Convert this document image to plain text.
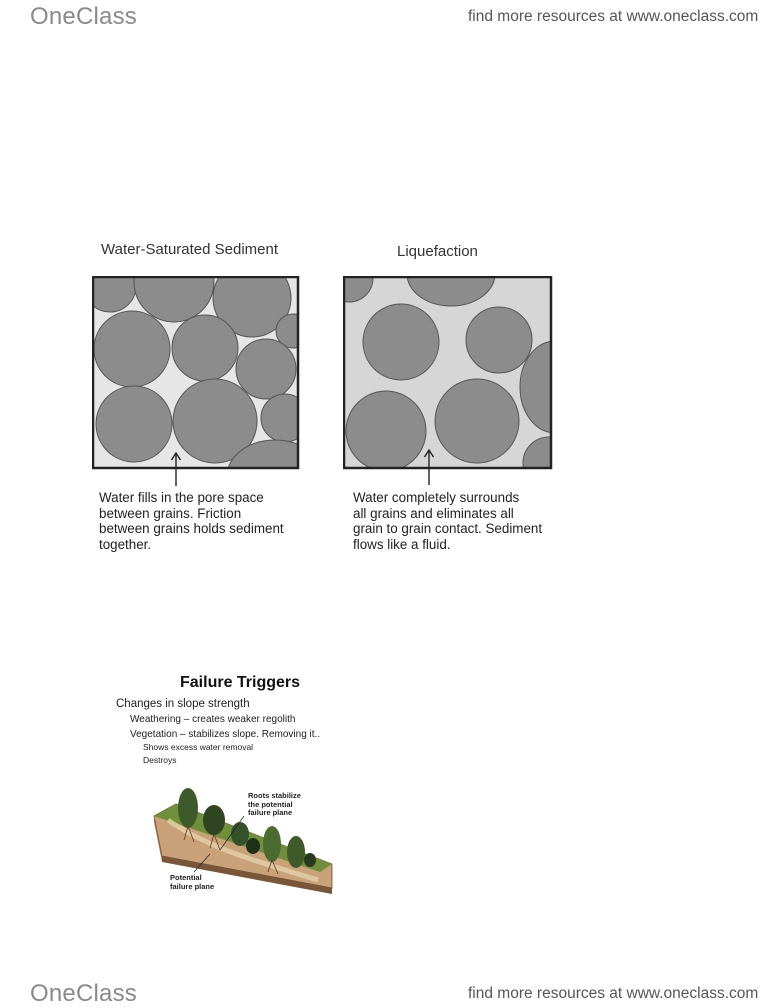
OneClass	find more resources at www.oneclass.com
Water-Saturated Sediment
Water fills in the pore space
between grains. Friction
between grains holds sediment
together.
Liquefaction
Water completely surrounds
all grains and eliminates all
grain to grain contact. Sediment
flows like a fluid.
Failure Triggers
Changes in slope strength
Weathering – creates weaker regolith
Vegetation – stabilizes slope. Removing it..
Shows excess water removal
Destroys
Roots stabilize
the potential
failure plane
Potential
failure plane
OneClass	find more resources at www.oneclass.com
